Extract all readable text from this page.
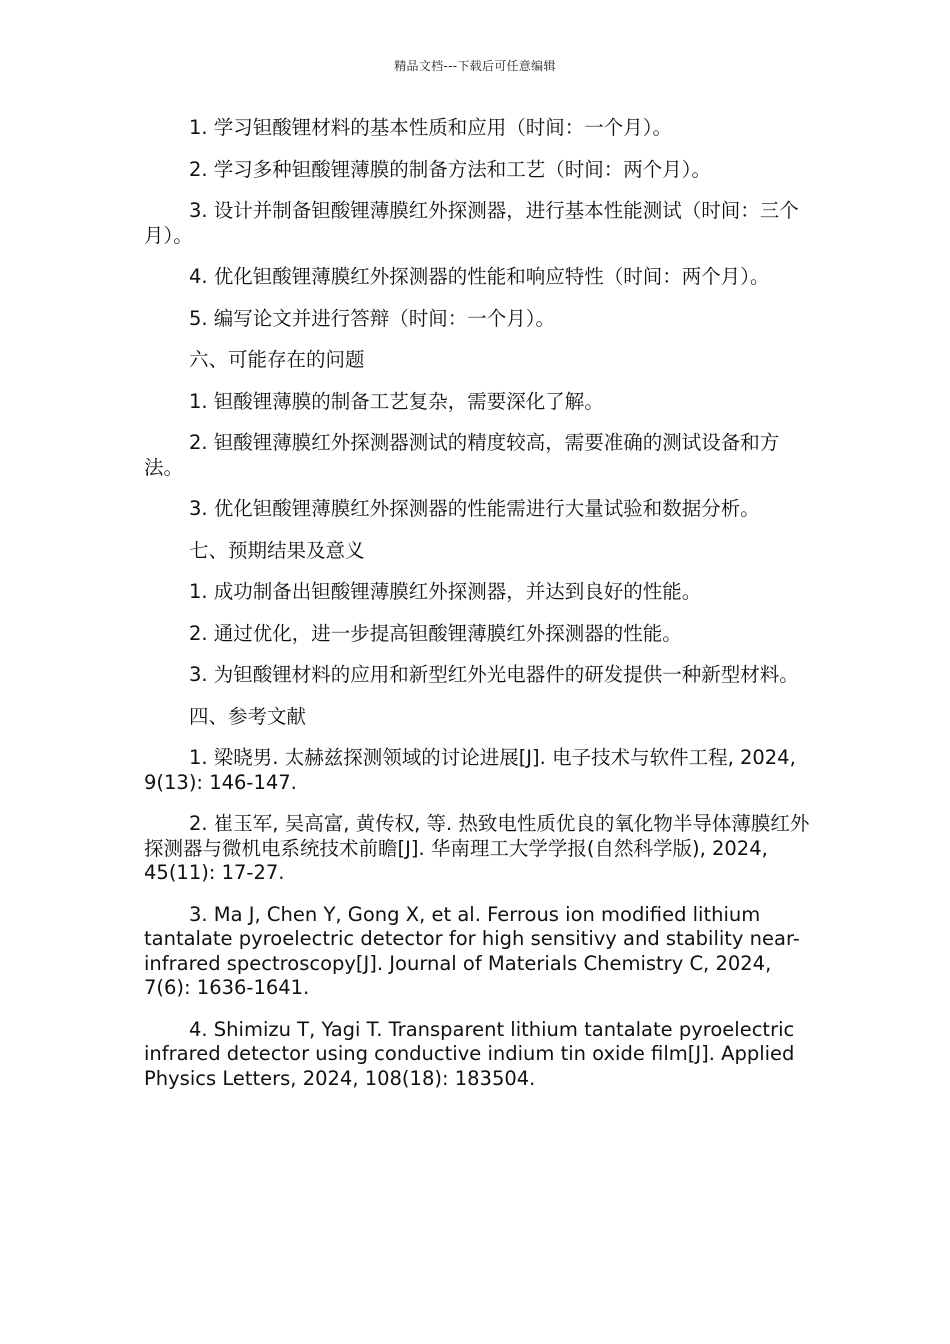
精品文档---下载后可任意编辑

1. 学习钽酸锂材料的基本性质和应用（时间：一个月）。

2. 学习多种钽酸锂薄膜的制备方法和工艺（时间：两个月）。

3. 设计并制备钽酸锂薄膜红外探测器，进行基本性能测试（时间：三个月）。

4. 优化钽酸锂薄膜红外探测器的性能和响应特性（时间：两个月）。

5. 编写论文并进行答辩（时间：一个月）。

六、可能存在的问题

1. 钽酸锂薄膜的制备工艺复杂，需要深化了解。

2. 钽酸锂薄膜红外探测器测试的精度较高，需要准确的测试设备和方法。

3. 优化钽酸锂薄膜红外探测器的性能需进行大量试验和数据分析。

七、预期结果及意义

1. 成功制备出钽酸锂薄膜红外探测器，并达到良好的性能。

2. 通过优化，进一步提高钽酸锂薄膜红外探测器的性能。

3. 为钽酸锂材料的应用和新型红外光电器件的研发提供一种新型材料。

四、参考文献

1. 梁晓男. 太赫兹探测领域的讨论进展[J]. 电子技术与软件工程, 2024, 9(13): 146-147.

2. 崔玉军, 吴高富, 黄传权, 等. 热致电性质优良的氧化物半导体薄膜红外探测器与微机电系统技术前瞻[J]. 华南理工大学学报(自然科学版), 2024, 45(11): 17-27.

3. Ma J, Chen Y, Gong X, et al. Ferrous ion modified lithium tantalate pyroelectric detector for high sensitivy and stability near-infrared spectroscopy[J]. Journal of Materials Chemistry C, 2024, 7(6): 1636-1641.

4. Shimizu T, Yagi T. Transparent lithium tantalate pyroelectric infrared detector using conductive indium tin oxide film[J]. Applied Physics Letters, 2024, 108(18): 183504.
